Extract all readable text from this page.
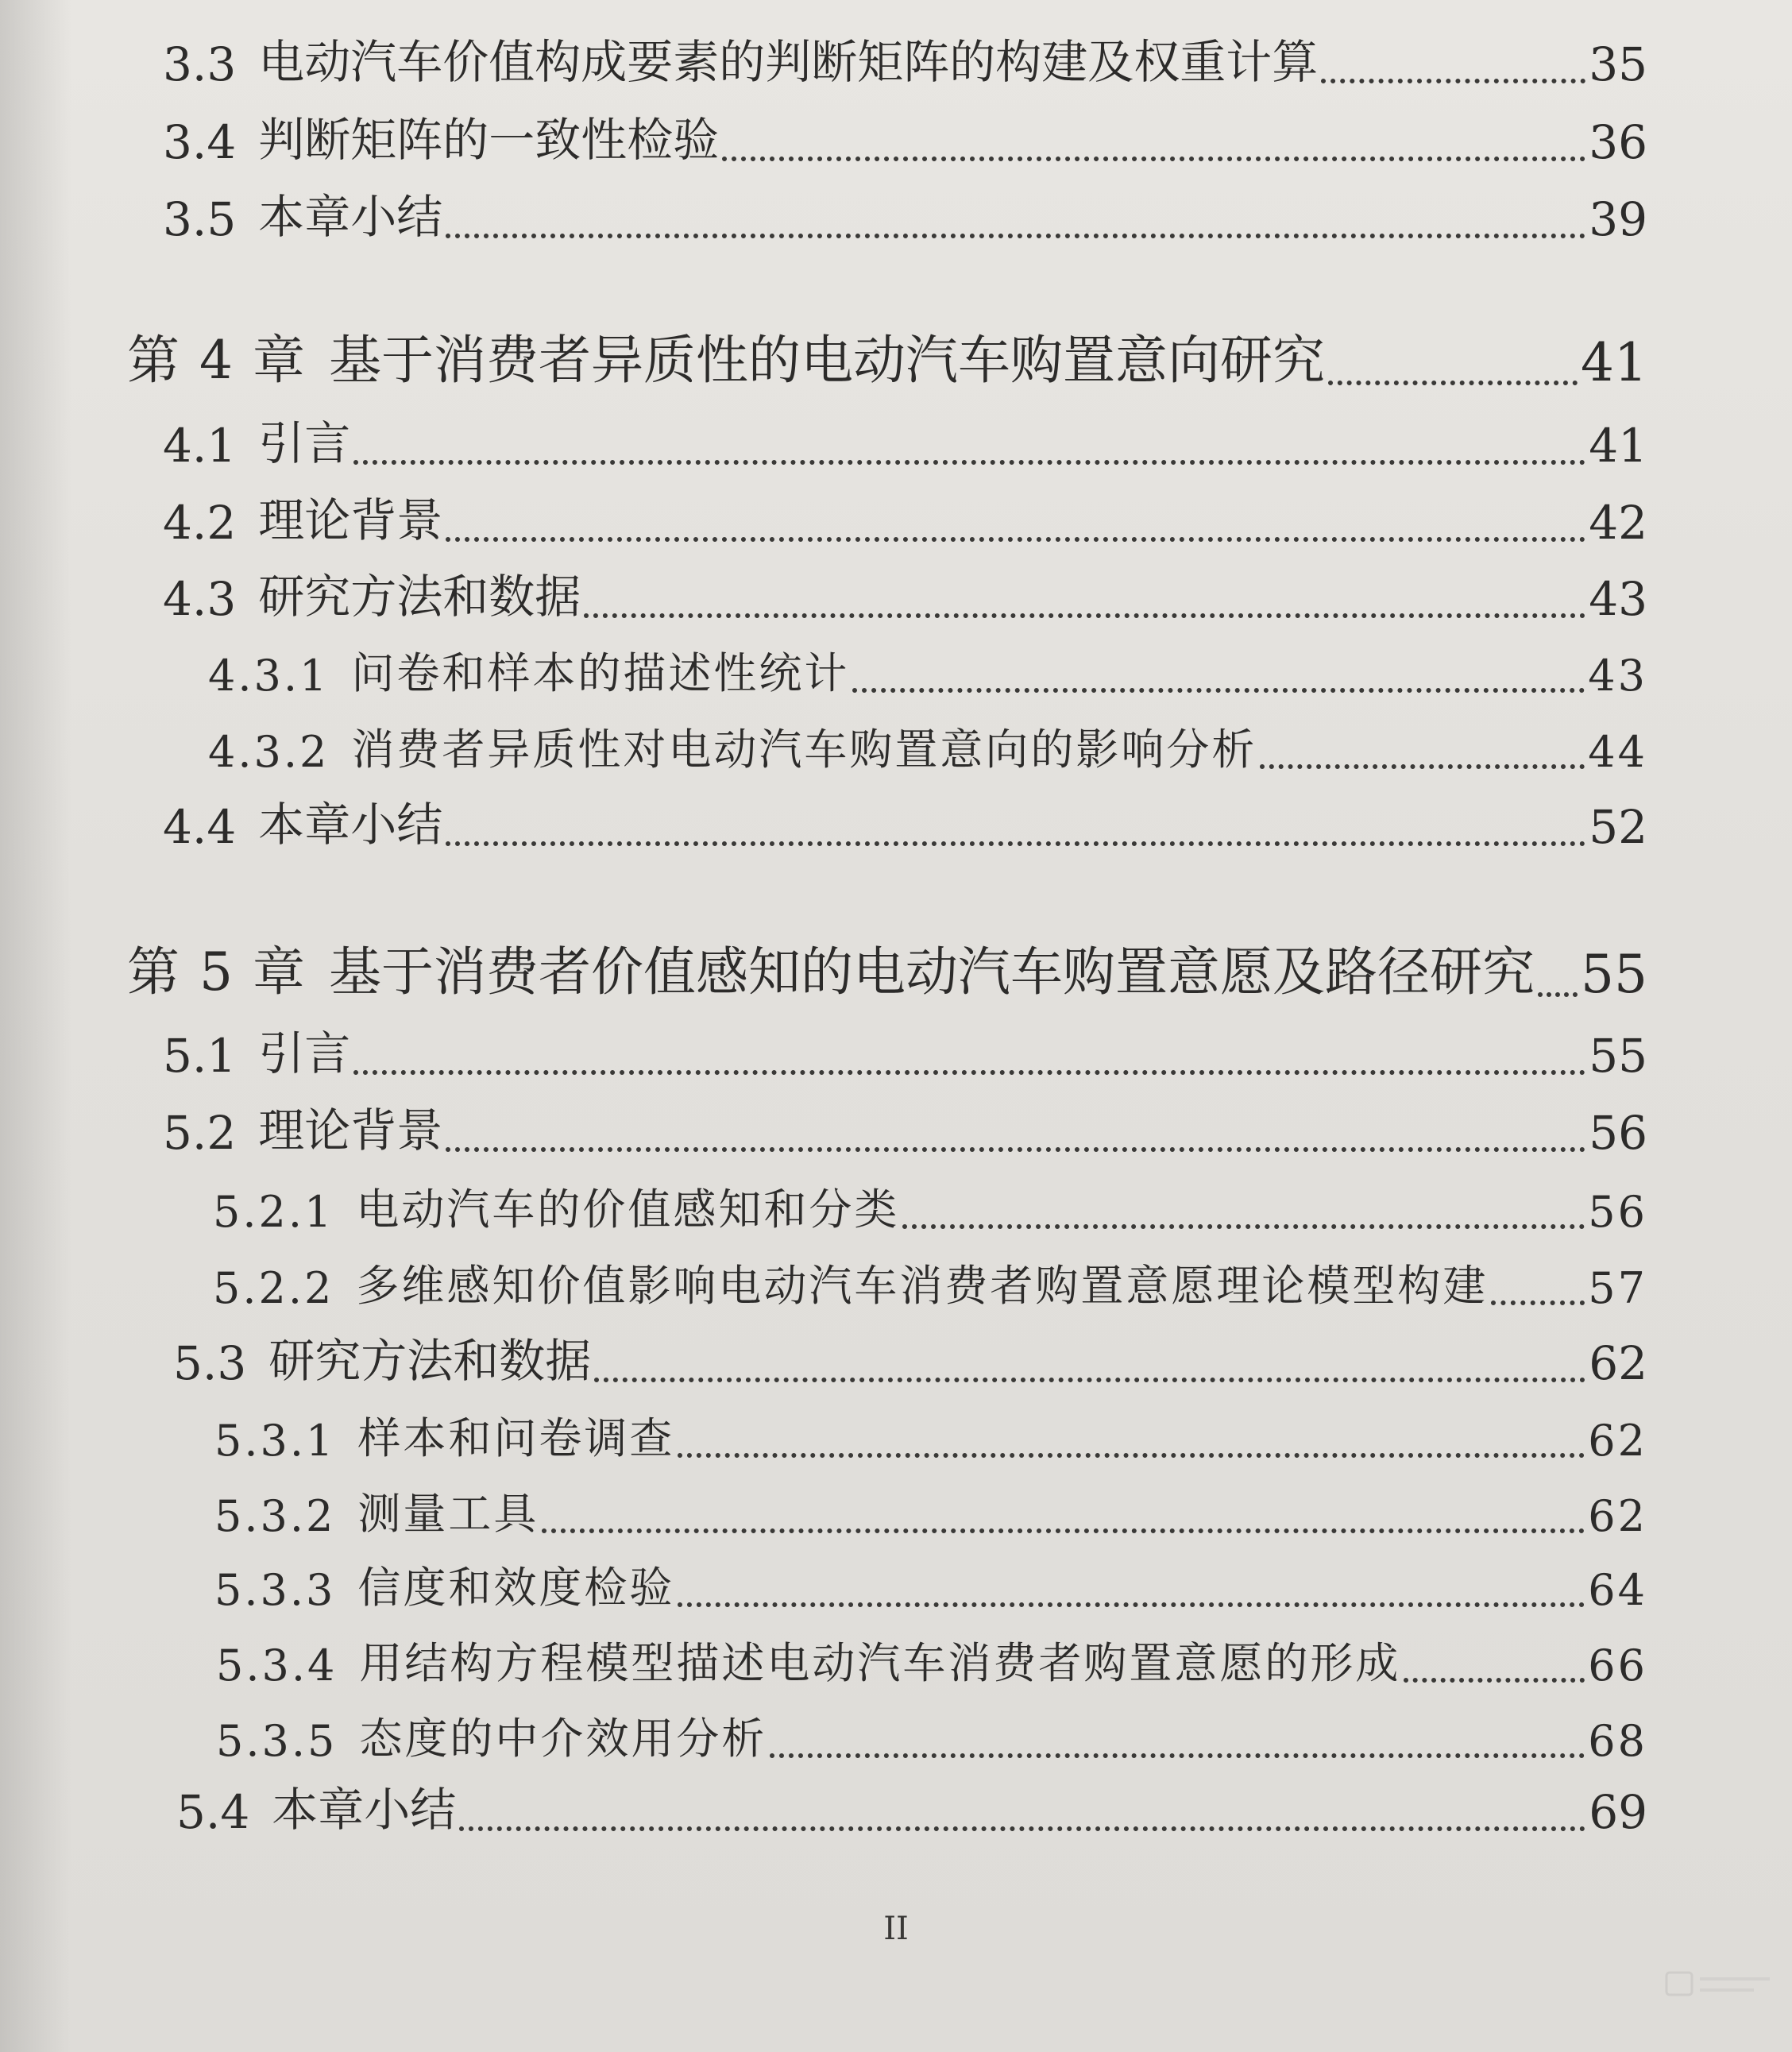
3.3 电动汽车价值构成要素的判断矩阵的构建及权重计算	35
3.4 判断矩阵的一致性检验	36
3.5 本章小结	39
第 4 章 基于消费者异质性的电动汽车购置意向研究	41
4.1 引言	41
4.2 理论背景	42
4.3 研究方法和数据	43
4.3.1 问卷和样本的描述性统计	43
4.3.2 消费者异质性对电动汽车购置意向的影响分析	44
4.4 本章小结	52
第 5 章 基于消费者价值感知的电动汽车购置意愿及路径研究 55
5.1 引言	55
5.2 理论背景	56
5.2.1 电动汽车的价值感知和分类	56
5.2.2 多维感知价值影响电动汽车消费者购置意愿理论模型构建 57
5.3 研究方法和数据	62
5.3.1 样本和问卷调查	62
5.3.2 测量工具	62
5.3.3 信度和效度检验	64
5.3.4 用结构方程模型描述电动汽车消费者购置意愿的形成	66
5.3.5 态度的中介效用分析	68
5.4 本章小结	69
II
